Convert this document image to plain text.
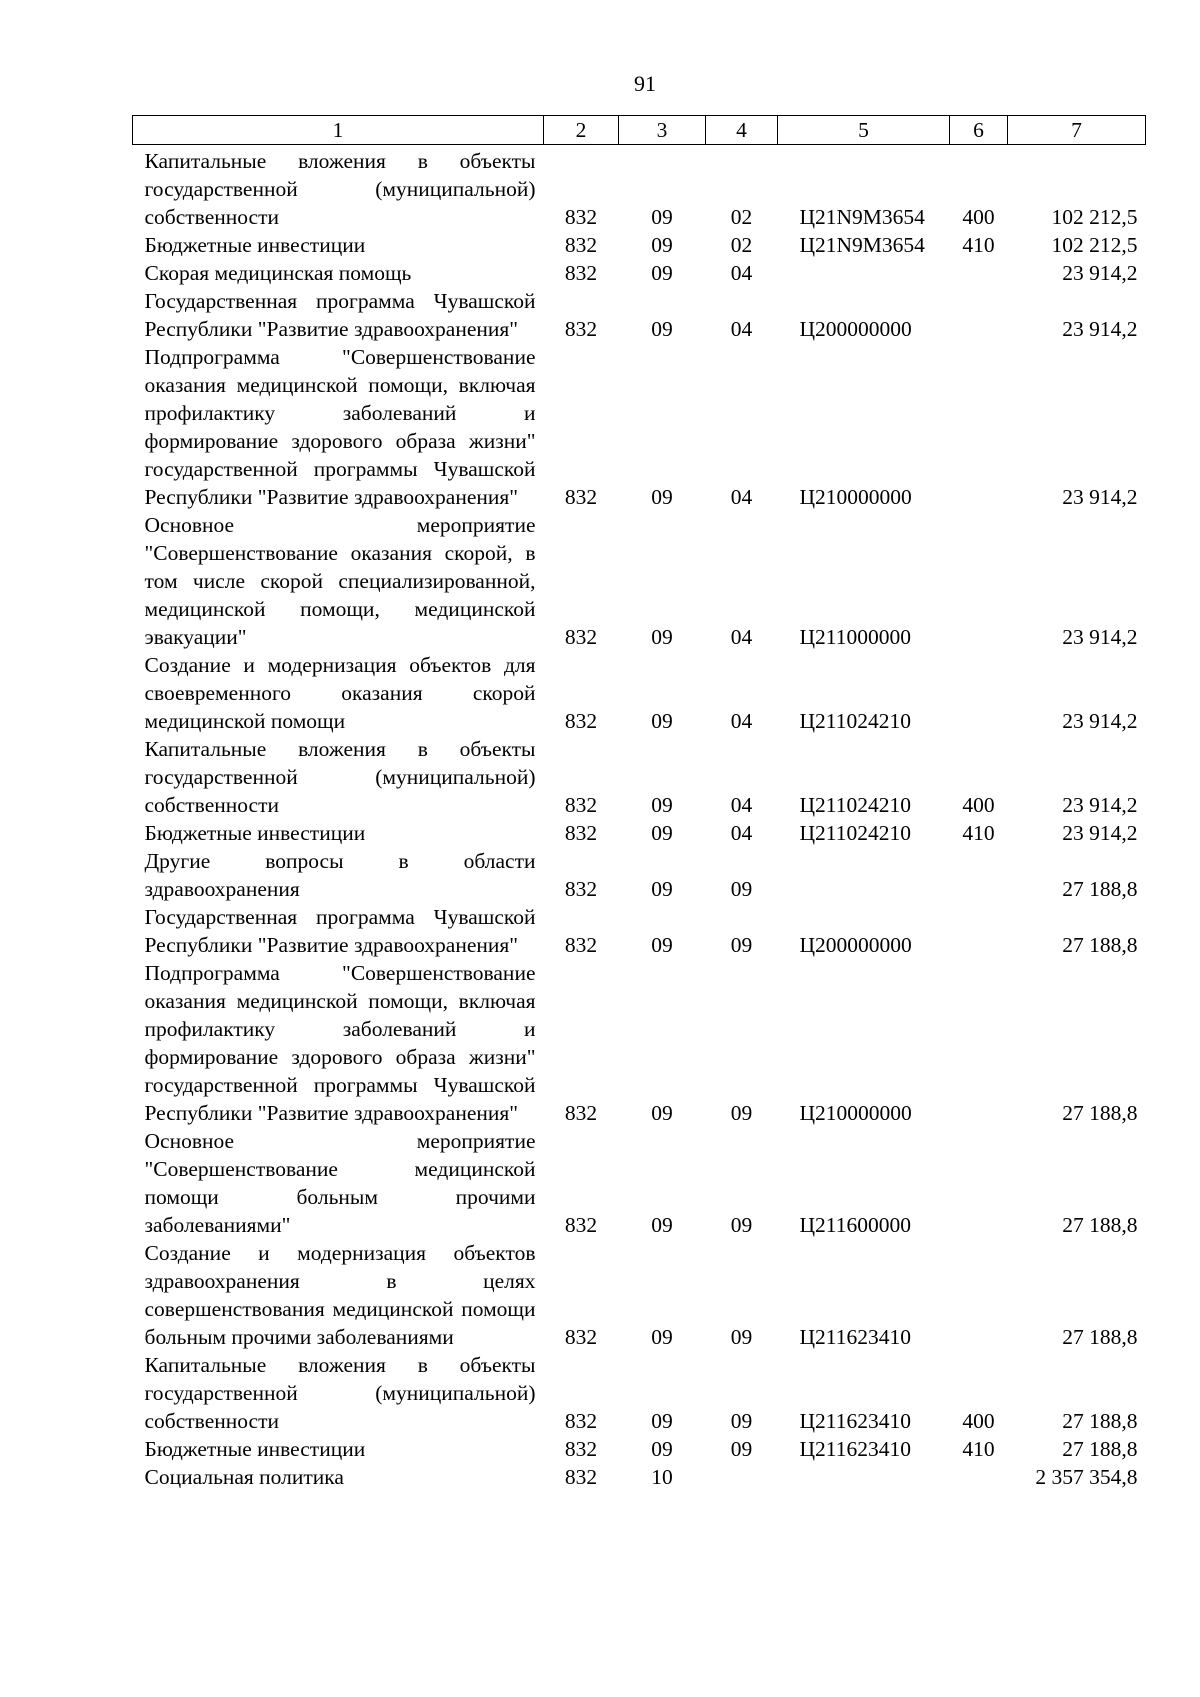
91
1	2	3	4	5	6	7
Капитальные вложения в объекты государственной (муниципальной) собственности	832	09	02	Ц21N9М3654	400	102 212,5
Бюджетные инвестиции	832	09	02	Ц21N9М3654	410	102 212,5
Скорая медицинская помощь	832	09	04			23 914,2
Государственная программа Чувашской Республики "Развитие здравоохранения"	832	09	04	Ц200000000		23 914,2
Подпрограмма "Совершенствование оказания медицинской помощи, включая профилактику заболеваний и формирование здорового образа жизни" государственной программы Чувашской Республики "Развитие здравоохранения"	832	09	04	Ц210000000		23 914,2
Основное мероприятие "Совершенствование оказания скорой, в том числе скорой специализированной, медицинской помощи, медицинской эвакуации"	832	09	04	Ц211000000		23 914,2
Создание и модернизация объектов для своевременного оказания скорой медицинской помощи	832	09	04	Ц211024210		23 914,2
Капитальные вложения в объекты государственной (муниципальной) собственности	832	09	04	Ц211024210	400	23 914,2
Бюджетные инвестиции	832	09	04	Ц211024210	410	23 914,2
Другие вопросы в области здравоохранения	832	09	09			27 188,8
Государственная программа Чувашской Республики "Развитие здравоохранения"	832	09	09	Ц200000000		27 188,8
Подпрограмма "Совершенствование оказания медицинской помощи, включая профилактику заболеваний и формирование здорового образа жизни" государственной программы Чувашской Республики "Развитие здравоохранения"	832	09	09	Ц210000000		27 188,8
Основное мероприятие "Совершенствование медицинской помощи больным прочими заболеваниями"	832	09	09	Ц211600000		27 188,8
Создание и модернизация объектов здравоохранения в целях совершенствования медицинской помощи больным прочими заболеваниями	832	09	09	Ц211623410		27 188,8
Капитальные вложения в объекты государственной (муниципальной) собственности	832	09	09	Ц211623410	400	27 188,8
Бюджетные инвестиции	832	09	09	Ц211623410	410	27 188,8
Социальная политика	832	10				2 357 354,8
